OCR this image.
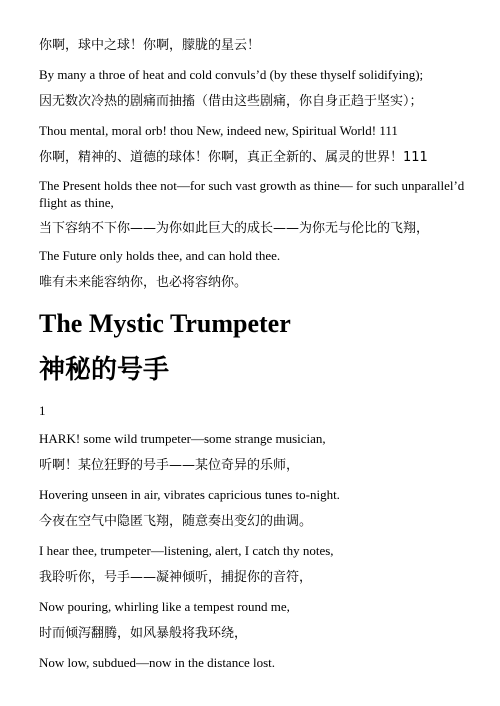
你啊，球中之球！你啊，朦胧的星云！
By many a throe of heat and cold convuls’d (by these thyself solidifying);
因无数次冷热的剧痛而抽搐（借由这些剧痛，你自身正趋于坚实）；
Thou mental, moral orb! thou New, indeed new, Spiritual World! 111
你啊，精神的、道德的球体！你啊，真正全新的、属灵的世界！111
The Present holds thee not—for such vast growth as thine— for such unparallel’d flight as thine,
当下容纳不下你——为你如此巨大的成长——为你无与伦比的飞翔，
The Future only holds thee, and can hold thee.
唯有未来能容纳你，也必将容纳你。
The Mystic Trumpeter
神秘的号手
1
HARK! some wild trumpeter—some strange musician,
听啊！某位狂野的号手——某位奇异的乐师，
Hovering unseen in air, vibrates capricious tunes to-night.
今夜在空气中隐匿飞翔，随意奏出变幻的曲调。
I hear thee, trumpeter—listening, alert, I catch thy notes,
我聆听你，号手——凝神倾听，捕捉你的音符，
Now pouring, whirling like a tempest round me,
时而倾泻翻腾，如风暴般将我环绕，
Now low, subdued—now in the distance lost.
